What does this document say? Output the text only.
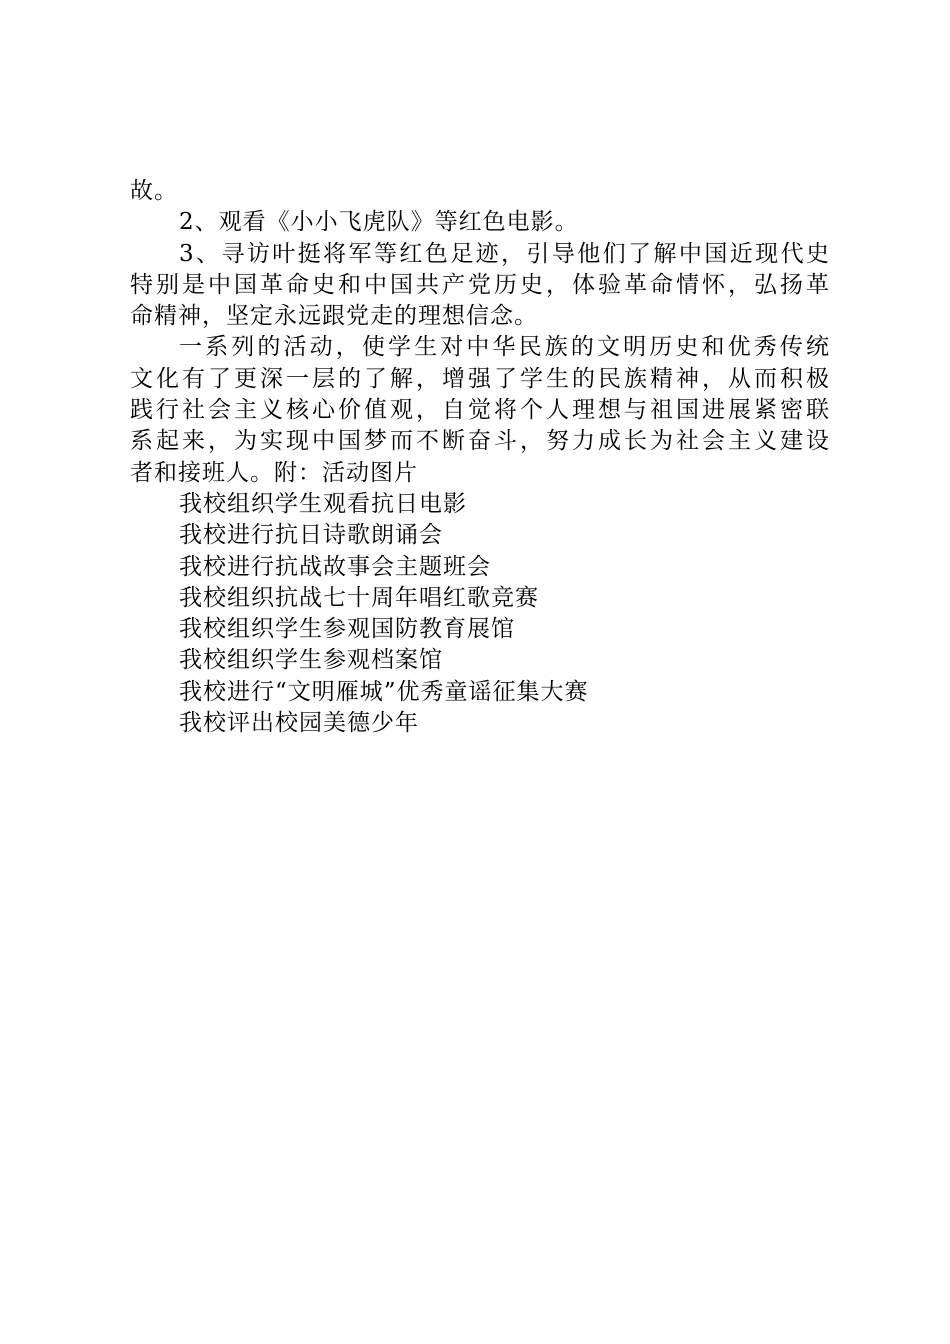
故。
2、观看《小小飞虎队》等红色电影。
3、寻访叶挺将军等红色足迹，引导他们了解中国近现代史
特别是中国革命史和中国共产党历史，体验革命情怀，弘扬革
命精神，坚定永远跟党走的理想信念。
一系列的活动，使学生对中华民族的文明历史和优秀传统
文化有了更深一层的了解，增强了学生的民族精神，从而积极
践行社会主义核心价值观，自觉将个人理想与祖国进展紧密联
系起来，为实现中国梦而不断奋斗，努力成长为社会主义建设
者和接班人。附：活动图片
我校组织学生观看抗日电影
我校进行抗日诗歌朗诵会
我校进行抗战故事会主题班会
我校组织抗战七十周年唱红歌竞赛
我校组织学生参观国防教育展馆
我校组织学生参观档案馆
我校进行“文明雁城”优秀童谣征集大赛
我校评出校园美德少年
